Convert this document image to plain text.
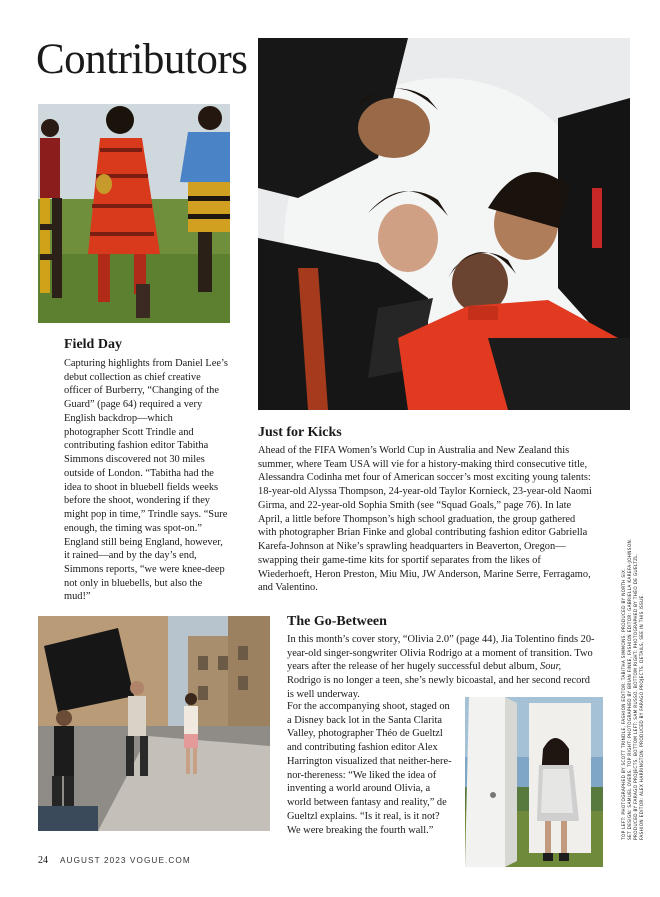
Contributors
Field Day

Capturing highlights from Daniel Lee’s debut collection as chief creative officer of Burberry, “Changing of the Guard” (page 64) required a very English backdrop—which photographer Scott Trindle and contributing fashion editor Tabitha Simmons discovered not 30 miles outside of London. “Tabitha had the idea to shoot in bluebell fields weeks before the shoot, wondering if they might pop in time,” Trindle says. “Sure enough, the timing was spot-on.” England still being England, however, it rained—and by the day’s end, Simmons reports, “we were knee-deep not only in bluebells, but also the mud!”

Just for Kicks

Ahead of the FIFA Women’s World Cup in Australia and New Zealand this summer, where Team USA will vie for a history-making third consecutive title, Alessandra Codinha met four of American soccer’s most exciting young talents: 18-year-old Alyssa Thompson, 24-year-old Taylor Kornieck, 23-year-old Naomi Girma, and 22-year-old Sophia Smith (see “Squad Goals,” page 76). In late April, a little before Thompson’s high school graduation, the group gathered with photographer Brian Finke and global contributing fashion editor Gabriella Karefa-Johnson at Nike’s sprawling headquarters in Beaverton, Oregon—swapping their game-time kits for sportif separates from the likes of Wiederhoeft, Heron Preston, Miu Miu, JW Anderson, Marine Serre, Ferragamo, and Valentino.

The Go-Between

In this month’s cover story, “Olivia 2.0” (page 44), Jia Tolentino finds 20-year-old singer-songwriter Olivia Rodrigo at a moment of transition. Two years after the release of her hugely successful debut album, Sour, Rodrigo is no longer a teen, she’s newly bicoastal, and her second record is well underway.

For the accompanying shoot, staged on a Disney back lot in the Santa Clarita Valley, photographer Théo de Gueltzl and contributing fashion editor Alex Harrington visualized that neither-here-nor-thereness: “We liked the idea of inventing a world around Olivia, a world between fantasy and reality,” de Gueltzl explains. “Is it real, is it not? We were breaking the fourth wall.”	TOP LEFT: PHOTOGRAPHED BY SCOTT TRINDLE, FASHION EDITOR: TABITHA SIMMONS. PRODUCED BY NORTH SIX. SET DESIGN: SAMUEL OVERS. TOP RIGHT: PHOTOGRAPHED BY BRIAN FINKE, FASHION EDITOR: GABRIELLA KAREFA-JOHNSON. PRODUCED BY FARAGO PROJECTS. BOTTOM LEFT: SAM RUSSO. BOTTOM RIGHT: PHOTOGRAPHED BY THÉO DE GUELTZL. FASHION EDITOR: ALEX HARRINGTON. PRODUCED BY FARAGO PROJECTS. DETAILS, SEE IN THIS ISSUE.
24 AUGUST 2023 VOGUE.COM
